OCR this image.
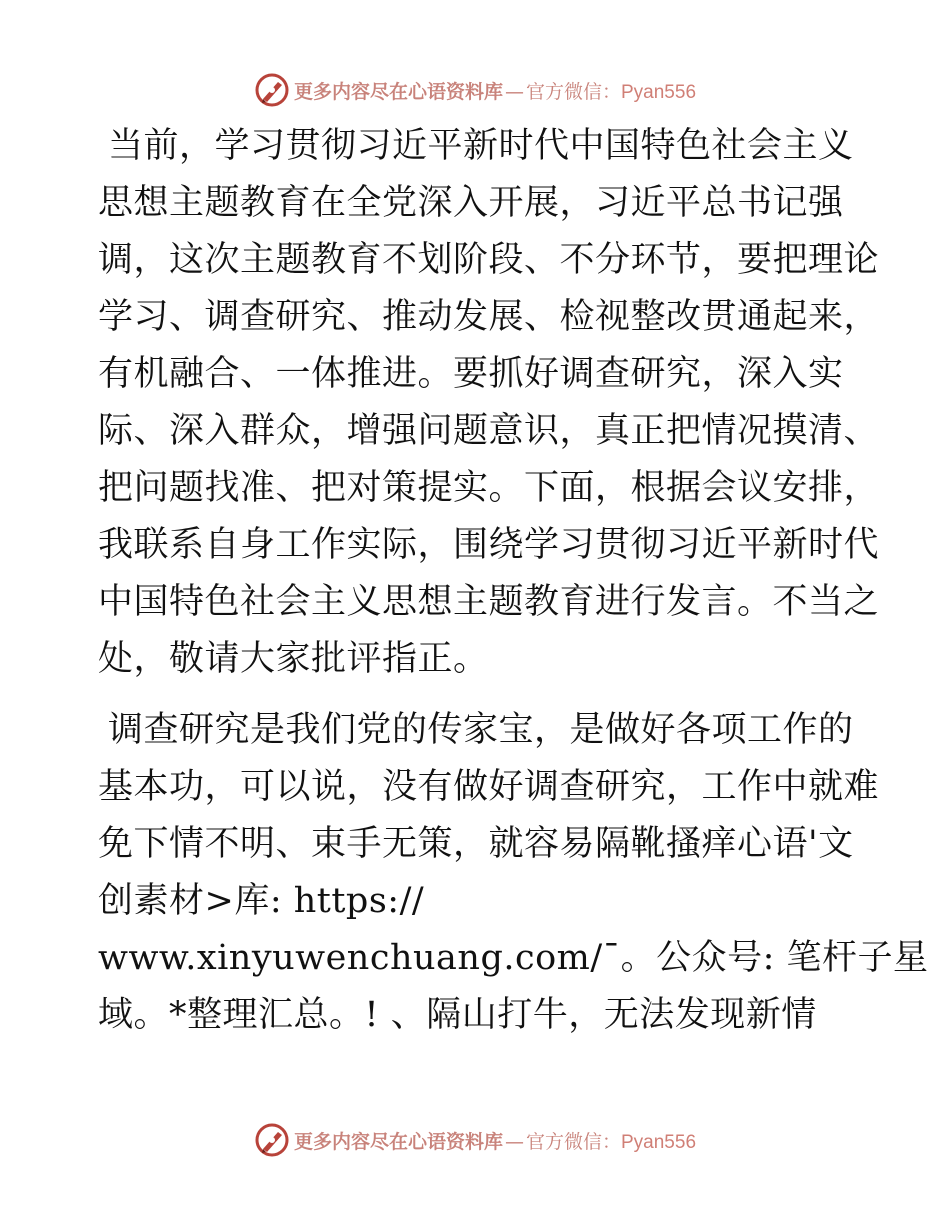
更多内容尽在心语资料库 — 官方微信：Pyan556
当前，学习贯彻习近平新时代中国特色社会主义
思想主题教育在全党深入开展，习近平总书记强
调，这次主题教育不划阶段、不分环节，要把理论
学习、调查研究、推动发展、检视整改贯通起来，
有机融合、一体推进。要抓好调查研究，深入实
际、深入群众，增强问题意识，真正把情况摸清、
把问题找准、把对策提实。下面，根据会议安排，
我联系自身工作实际，围绕学习贯彻习近平新时代
中国特色社会主义思想主题教育进行发言。不当之
处，敬请大家批评指正。
调查研究是我们党的传家宝，是做好各项工作的
基本功，可以说，没有做好调查研究，工作中就难
免下情不明、束手无策，就容易隔靴搔痒心语'文
创素材>库: https://
www.xinyuwenchuang.com/¯。公众号: 笔杆子星
域。*整理汇总。! 、隔山打牛，无法发现新情
更多内容尽在心语资料库 — 官方微信：Pyan556
